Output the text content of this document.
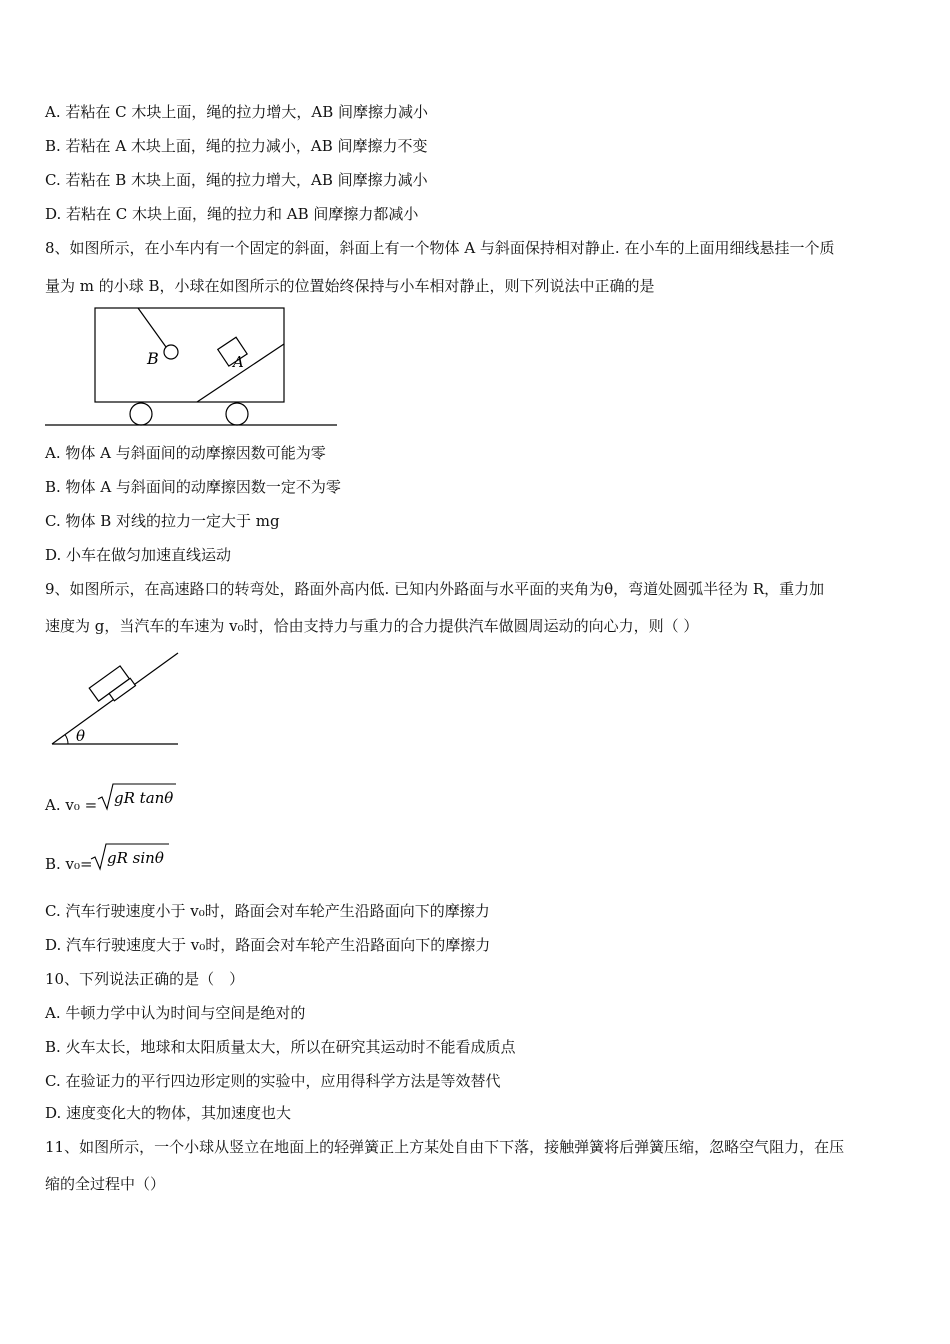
A. 若粘在 C 木块上面，绳的拉力增大，AB 间摩擦力减小
B. 若粘在 A 木块上面，绳的拉力减小，AB 间摩擦力不变
C. 若粘在 B 木块上面，绳的拉力增大，AB 间摩擦力减小
D. 若粘在 C 木块上面，绳的拉力和 AB 间摩擦力都减小
8、如图所示，在小车内有一个固定的斜面，斜面上有一个物体 A 与斜面保持相对静止. 在小车的上面用细线悬挂一个质
量为 m 的小球 B，小球在如图所示的位置始终保持与小车相对静止，则下列说法中正确的是
B	A
A. 物体 A 与斜面间的动摩擦因数可能为零
B. 物体 A 与斜面间的动摩擦因数一定不为零
C. 物体 B 对线的拉力一定大于 mg
D. 小车在做匀加速直线运动
9、如图所示，在高速路口的转弯处，路面外高内低. 已知内外路面与水平面的夹角为θ，弯道处圆弧半径为 R，重力加
速度为 g，当汽车的车速为 v₀时，恰由支持力与重力的合力提供汽车做圆周运动的向心力，则（ ）
θ
A. v₀ = gR tanθ
B. v₀= gR sinθ
C. 汽车行驶速度小于 v₀时，路面会对车轮产生沿路面向下的摩擦力
D. 汽车行驶速度大于 v₀时，路面会对车轮产生沿路面向下的摩擦力
10、下列说法正确的是（　）
A. 牛顿力学中认为时间与空间是绝对的
B. 火车太长，地球和太阳质量太大，所以在研究其运动时不能看成质点
C. 在验证力的平行四边形定则的实验中，应用得科学方法是等效替代
D. 速度变化大的物体，其加速度也大
11、如图所示，一个小球从竖立在地面上的轻弹簧正上方某处自由下下落，接触弹簧将后弹簧压缩，忽略空气阻力，在压
缩的全过程中（）
